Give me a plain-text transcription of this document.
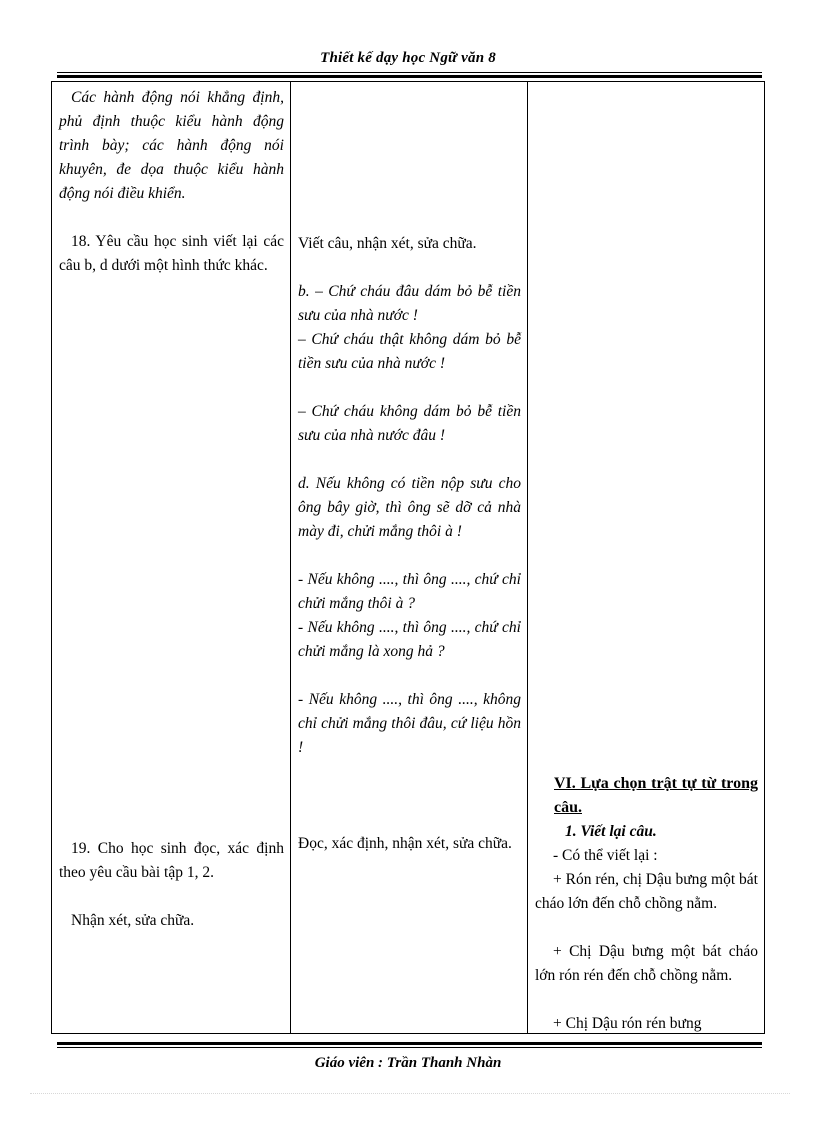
Thiết kế dạy học Ngữ văn 8
Các hành động nói khẳng định, phủ định thuộc kiểu hành động trình bày; các hành động nói khuyên, đe dọa thuộc kiểu hành động nói điều khiển.
18. Yêu cầu học sinh viết lại các câu b, d dưới một hình thức khác.
19. Cho học sinh đọc, xác định theo yêu cầu bài tập 1, 2.
Nhận xét, sửa chữa.
Viết câu, nhận xét, sửa chữa.
b. – Chứ cháu đâu dám bỏ bễ tiền sưu của nhà nước !
– Chứ cháu thật không dám bỏ bễ tiền sưu của nhà nước !
– Chứ cháu không dám bỏ bễ tiền sưu của nhà nước đâu !
d. Nếu không có tiền nộp sưu cho ông bây giờ, thì ông sẽ dỡ cả nhà mày đi, chửi mắng thôi à !
- Nếu không ...., thì ông ...., chứ chỉ chửi mắng thôi à ?
- Nếu không ...., thì ông ...., chứ chỉ chửi mắng là xong hả ?
- Nếu không ...., thì ông ...., không chỉ chửi mắng thôi đâu, cứ liệu hồn !
Đọc, xác định, nhận xét, sửa chữa.
VI. Lựa chọn trật tự từ trong câu.
1. Viết lại câu.
- Có thể viết lại :
+ Rón rén, chị Dậu bưng một bát cháo lớn đến chỗ chồng nằm.
+ Chị Dậu bưng một bát cháo lớn rón rén đến chỗ chồng nằm.
+ Chị Dậu rón rén bưng
Giáo viên : Trần Thanh Nhàn
